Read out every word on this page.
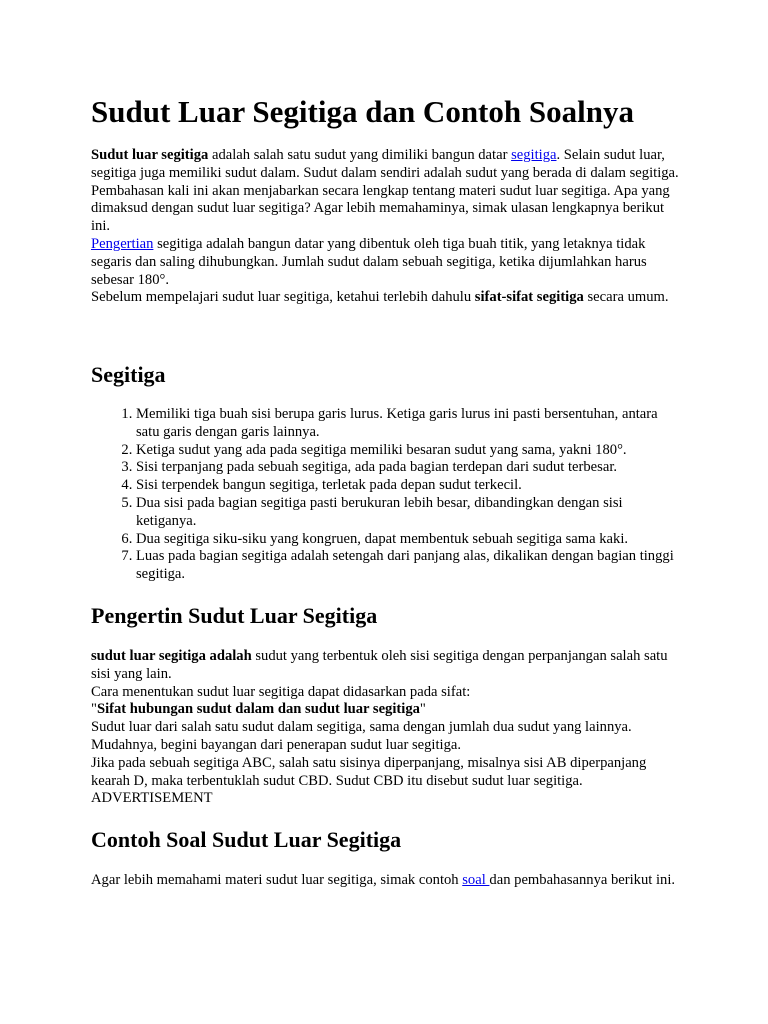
Sudut Luar Segitiga dan Contoh Soalnya

Sudut luar segitiga adalah salah satu sudut yang dimiliki bangun datar segitiga. Selain sudut luar, segitiga juga memiliki sudut dalam. Sudut dalam sendiri adalah sudut yang berada di dalam segitiga.

Pembahasan kali ini akan menjabarkan secara lengkap tentang materi sudut luar segitiga. Apa yang dimaksud dengan sudut luar segitiga? Agar lebih memahaminya, simak ulasan lengkapnya berikut ini.

Pengertian segitiga adalah bangun datar yang dibentuk oleh tiga buah titik, yang letaknya tidak segaris dan saling dihubungkan. Jumlah sudut dalam sebuah segitiga, ketika dijumlahkan harus sebesar 180°.

Sebelum mempelajari sudut luar segitiga, ketahui terlebih dahulu sifat-sifat segitiga secara umum.

Segitiga
1. Memiliki tiga buah sisi berupa garis lurus. Ketiga garis lurus ini pasti bersentuhan, antara satu garis dengan garis lainnya.
2. Ketiga sudut yang ada pada segitiga memiliki besaran sudut yang sama, yakni 180°.
3. Sisi terpanjang pada sebuah segitiga, ada pada bagian terdepan dari sudut terbesar.
4. Sisi terpendek bangun segitiga, terletak pada depan sudut terkecil.
5. Dua sisi pada bagian segitiga pasti berukuran lebih besar, dibandingkan dengan sisi ketiganya.
6. Dua segitiga siku-siku yang kongruen, dapat membentuk sebuah segitiga sama kaki.
7. Luas pada bagian segitiga adalah setengah dari panjang alas, dikalikan dengan bagian tinggi segitiga.
Pengertin Sudut Luar Segitiga

sudut luar segitiga adalah sudut yang terbentuk oleh sisi segitiga dengan perpanjangan salah satu sisi yang lain.

Cara menentukan sudut luar segitiga dapat didasarkan pada sifat:

"Sifat hubungan sudut dalam dan sudut luar segitiga"

Sudut luar dari salah satu sudut dalam segitiga, sama dengan jumlah dua sudut yang lainnya.

Mudahnya, begini bayangan dari penerapan sudut luar segitiga.

Jika pada sebuah segitiga ABC, salah satu sisinya diperpanjang, misalnya sisi AB diperpanjang kearah D, maka terbentuklah sudut CBD. Sudut CBD itu disebut sudut luar segitiga.

ADVERTISEMENT

Contoh Soal Sudut Luar Segitiga

Agar lebih memahami materi sudut luar segitiga, simak contoh soal dan pembahasannya berikut ini.
